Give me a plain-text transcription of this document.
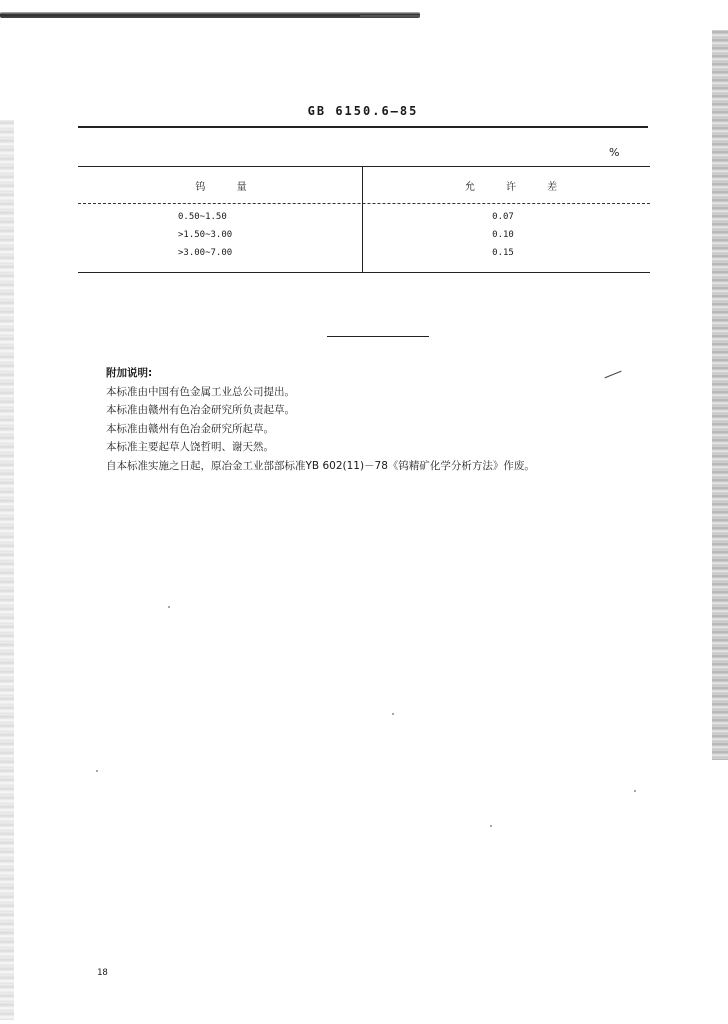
GB 6150.6—85
%
钨 量	允 许 差
0.50~1.50	0.07
>1.50~3.00	0.10
>3.00~7.00	0.15
附加说明:
本标准由中国有色金属工业总公司提出。
本标准由赣州有色冶金研究所负责起草。
本标准由赣州有色冶金研究所起草。
本标准主要起草人饶哲明、谢天然。
自本标准实施之日起，原冶金工业部部标准YB 602(11)－78《钨精矿化学分析方法》作废。
18
